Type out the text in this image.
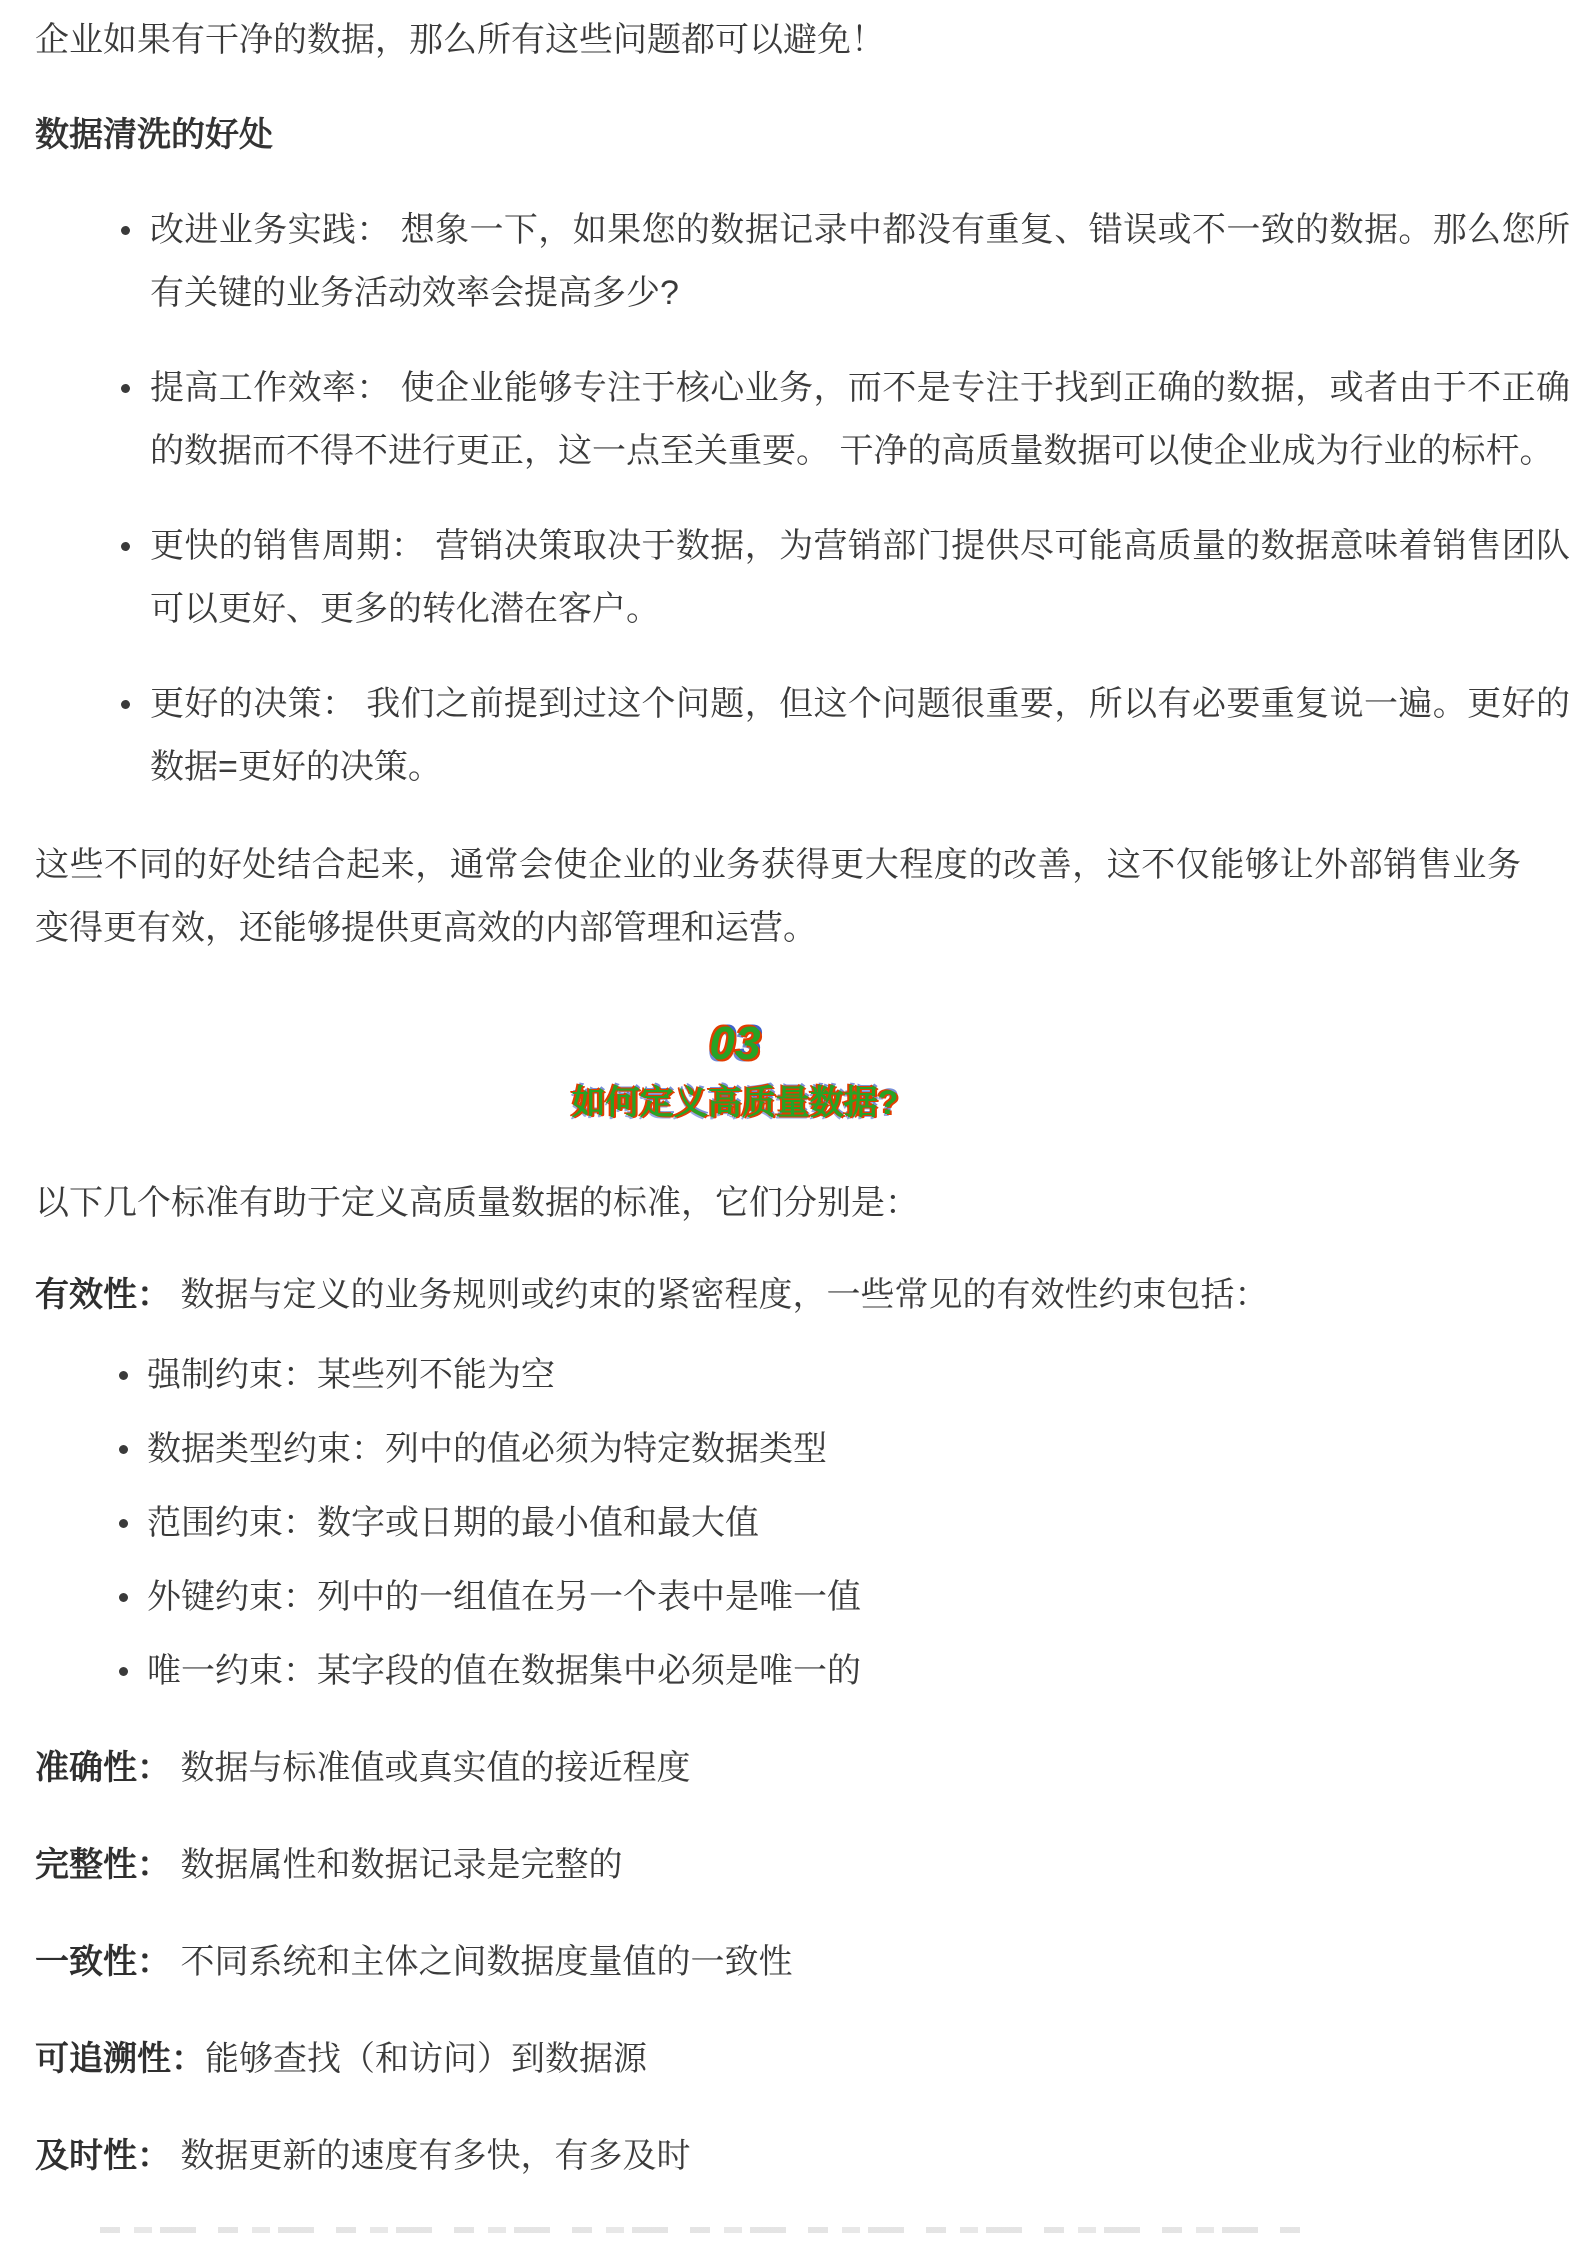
企业如果有干净的数据，那么所有这些问题都可以避免！
数据清洗的好处
改进业务实践： 想象一下，如果您的数据记录中都没有重复、错误或不一致的数据。那么您所
有关键的业务活动效率会提高多少?
提高工作效率： 使企业能够专注于核心业务，而不是专注于找到正确的数据，或者由于不正确
的数据而不得不进行更正，这一点至关重要。 干净的高质量数据可以使企业成为行业的标杆。
更快的销售周期： 营销决策取决于数据，为营销部门提供尽可能高质量的数据意味着销售团队
可以更好、更多的转化潜在客户。
更好的决策： 我们之前提到过这个问题，但这个问题很重要，所以有必要重复说一遍。更好的
数据=更好的决策。
这些不同的好处结合起来，通常会使企业的业务获得更大程度的改善，这不仅能够让外部销售业务
变得更有效，还能够提供更高效的内部管理和运营。
03
如何定义高质量数据?
以下几个标准有助于定义高质量数据的标准，它们分别是：
有效性： 数据与定义的业务规则或约束的紧密程度，一些常见的有效性约束包括：
强制约束：某些列不能为空
数据类型约束：列中的值必须为特定数据类型
范围约束：数字或日期的最小值和最大值
外键约束：列中的一组值在另一个表中是唯一值
唯一约束：某字段的值在数据集中必须是唯一的
准确性： 数据与标准值或真实值的接近程度
完整性： 数据属性和数据记录是完整的
一致性： 不同系统和主体之间数据度量值的一致性
可追溯性：能够查找（和访问）到数据源
及时性： 数据更新的速度有多快，有多及时
